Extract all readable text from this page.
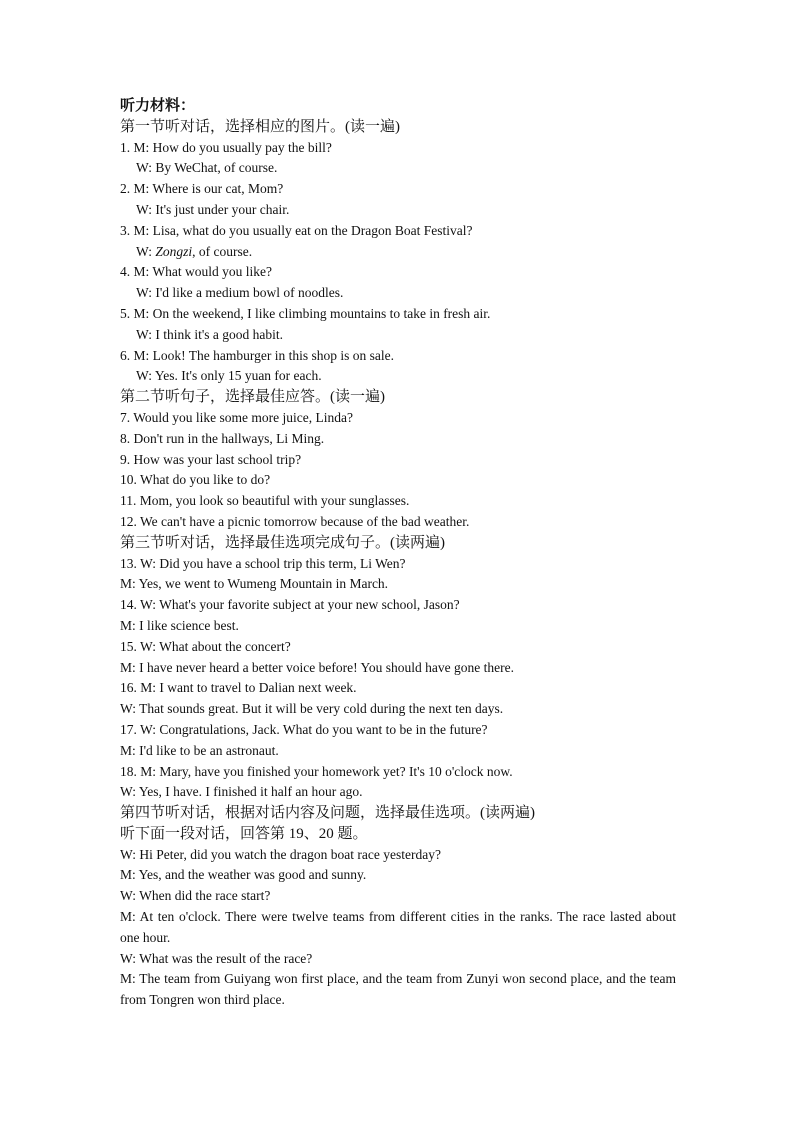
听力材料：
第一节听对话，选择相应的图片。(读一遍)
1. M: How do you usually pay the bill?
W: By WeChat, of course.
2. M: Where is our cat, Mom?
W: It's just under your chair.
3. M: Lisa, what do you usually eat on the Dragon Boat Festival?
W: Zongzi, of course.
4. M: What would you like?
W: I'd like a medium bowl of noodles.
5. M: On the weekend, I like climbing mountains to take in fresh air.
W: I think it's a good habit.
6. M: Look! The hamburger in this shop is on sale.
W: Yes. It's only 15 yuan for each.
第二节听句子，选择最佳应答。(读一遍)
7. Would you like some more juice, Linda?
8. Don't run in the hallways, Li Ming.
9. How was your last school trip?
10. What do you like to do?
11. Mom, you look so beautiful with your sunglasses.
12. We can't have a picnic tomorrow because of the bad weather.
第三节听对话，选择最佳选项完成句子。(读两遍)
13. W: Did you have a school trip this term, Li Wen?
M: Yes, we went to Wumeng Mountain in March.
14. W: What's your favorite subject at your new school, Jason?
M: I like science best.
15. W: What about the concert?
M: I have never heard a better voice before! You should have gone there.
16. M: I want to travel to Dalian next week.
W: That sounds great. But it will be very cold during the next ten days.
17. W: Congratulations, Jack. What do you want to be in the future?
M: I'd like to be an astronaut.
18. M: Mary, have you finished your homework yet? It's 10 o'clock now.
W: Yes, I have. I finished it half an hour ago.
第四节听对话，根据对话内容及问题，选择最佳选项。(读两遍)
听下面一段对话，回答第 19、20 题。
W: Hi Peter, did you watch the dragon boat race yesterday?
M: Yes, and the weather was good and sunny.
W: When did the race start?
M: At ten o'clock. There were twelve teams from different cities in the ranks. The race lasted about one hour.
W: What was the result of the race?
M: The team from Guiyang won first place, and the team from Zunyi won second place, and the team from Tongren won third place.
